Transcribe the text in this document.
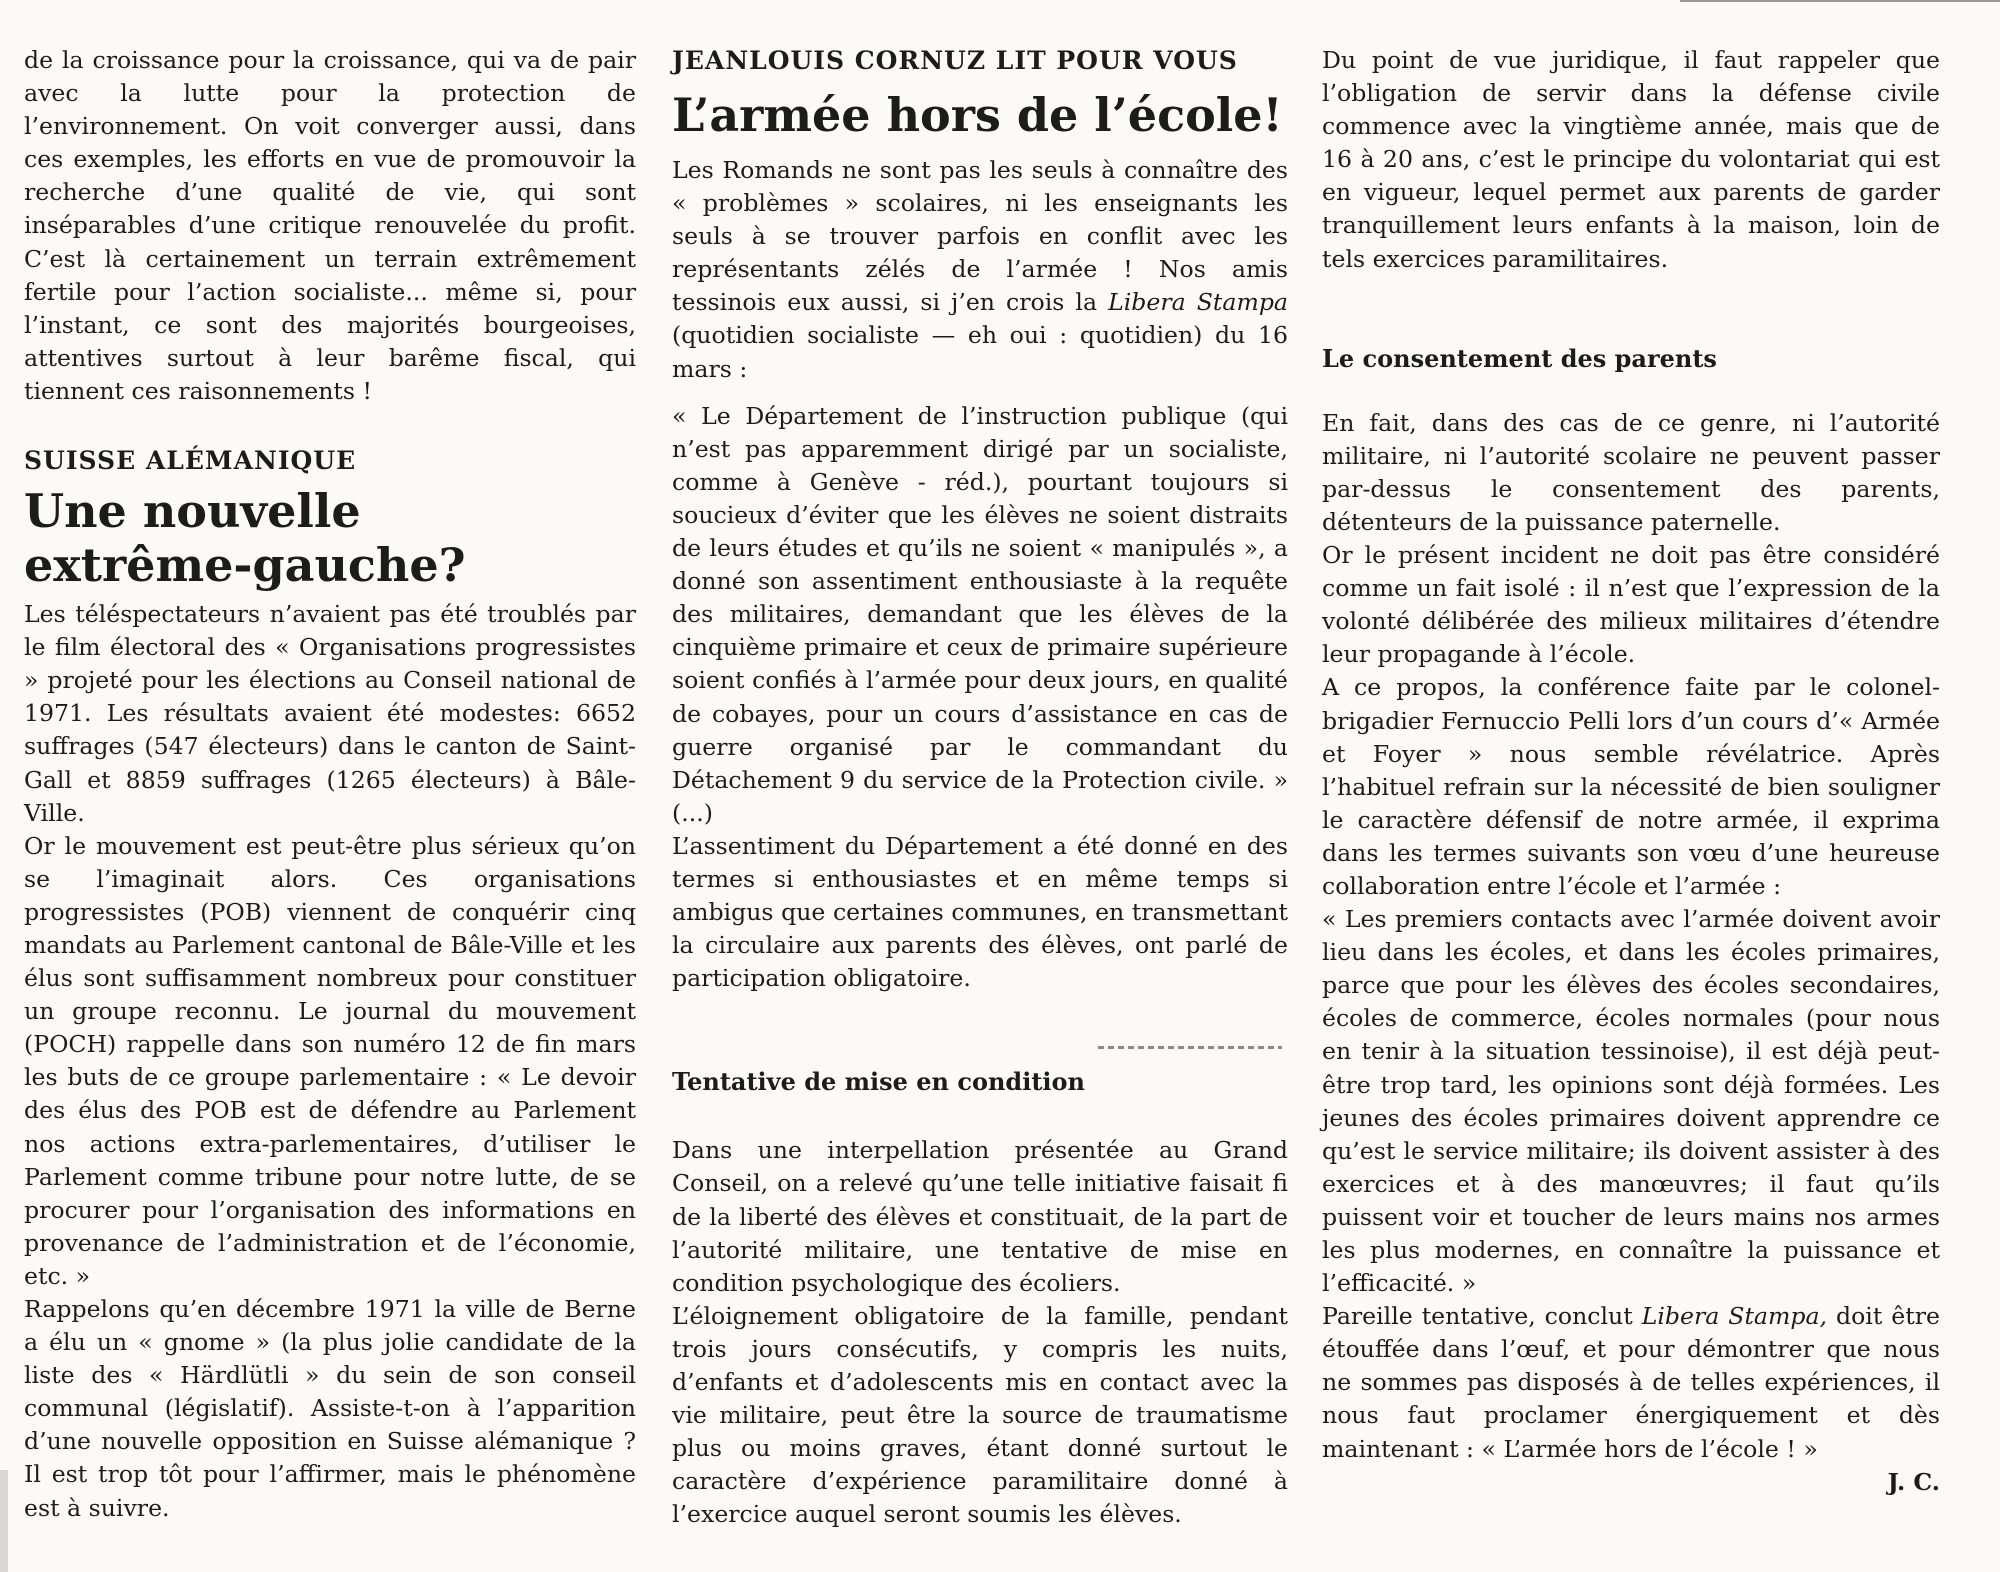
de la croissance pour la croissance, qui va de pair avec la lutte pour la protection de l’environnement. On voit converger aussi, dans ces exemples, les efforts en vue de promouvoir la recherche d’une qualité de vie, qui sont inséparables d’une critique renouvelée du profit. C’est là certainement un terrain extrêmement fertile pour l’action socialiste... même si, pour l’instant, ce sont des majorités bourgeoises, attentives surtout à leur barême fiscal, qui tiennent ces raisonnements !

SUISSE ALÉMANIQUE

Une nouvelle

extrême-gauche?

Les téléspectateurs n’avaient pas été troublés par le film électoral des « Organisations progressistes » projeté pour les élections au Conseil national de 1971. Les résultats avaient été modestes: 6652 suffrages (547 électeurs) dans le canton de Saint-Gall et 8859 suffrages (1265 électeurs) à Bâle-Ville.

Or le mouvement est peut-être plus sérieux qu’on se l’imaginait alors. Ces organisations progressistes (POB) viennent de conquérir cinq mandats au Parlement cantonal de Bâle-Ville et les élus sont suffisamment nombreux pour constituer un groupe reconnu. Le journal du mouvement (POCH) rappelle dans son numéro 12 de fin mars les buts de ce groupe parlementaire : « Le devoir des élus des POB est de défendre au Parlement nos actions extra-parlementaires, d’utiliser le Parlement comme tribune pour notre lutte, de se procurer pour l’organisation des informations en provenance de l’administration et de l’économie, etc. »

Rappelons qu’en décembre 1971 la ville de Berne a élu un « gnome » (la plus jolie candidate de la liste des « Härdlütli » du sein de son conseil communal (législatif). Assiste-t-on à l’apparition d’une nouvelle opposition en Suisse alémanique ? Il est trop tôt pour l’affirmer, mais le phénomène est à suivre.

JEANLOUIS CORNUZ LIT POUR VOUS

L’armée hors de l’école!

Les Romands ne sont pas les seuls à connaître des « problèmes » scolaires, ni les enseignants les seuls à se trouver parfois en conflit avec les représentants zélés de l’armée ! Nos amis tessinois eux aussi, si j’en crois la Libera Stampa (quotidien socialiste — eh oui : quotidien) du 16 mars :

« Le Département de l’instruction publique (qui n’est pas apparemment dirigé par un socialiste, comme à Genève - réd.), pourtant toujours si soucieux d’éviter que les élèves ne soient distraits de leurs études et qu’ils ne soient « manipulés », a donné son assentiment enthousiaste à la requête des militaires, demandant que les élèves de la cinquième primaire et ceux de primaire supérieure soient confiés à l’armée pour deux jours, en qualité de cobayes, pour un cours d’assistance en cas de guerre organisé par le commandant du Détachement 9 du service de la Protection civile. » (...)

L’assentiment du Département a été donné en des termes si enthousiastes et en même temps si ambigus que certaines communes, en transmettant la circulaire aux parents des élèves, ont parlé de participation obligatoire.

Tentative de mise en condition

Dans une interpellation présentée au Grand Conseil, on a relevé qu’une telle initiative faisait fi de la liberté des élèves et constituait, de la part de l’autorité militaire, une tentative de mise en condition psychologique des écoliers.

L’éloignement obligatoire de la famille, pendant trois jours consécutifs, y compris les nuits, d’enfants et d’adolescents mis en contact avec la vie militaire, peut être la source de traumatisme plus ou moins graves, étant donné surtout le caractère d’expérience paramilitaire donné à l’exercice auquel seront soumis les élèves.

Du point de vue juridique, il faut rappeler que l’obligation de servir dans la défense civile commence avec la vingtième année, mais que de 16 à 20 ans, c’est le principe du volontariat qui est en vigueur, lequel permet aux parents de garder tranquillement leurs enfants à la maison, loin de tels exercices paramilitaires.

Le consentement des parents

En fait, dans des cas de ce genre, ni l’autorité militaire, ni l’autorité scolaire ne peuvent passer par-dessus le consentement des parents, détenteurs de la puissance paternelle.

Or le présent incident ne doit pas être considéré comme un fait isolé : il n’est que l’expression de la volonté délibérée des milieux militaires d’étendre leur propagande à l’école.

A ce propos, la conférence faite par le colonel-brigadier Fernuccio Pelli lors d’un cours d’« Armée et Foyer » nous semble révélatrice. Après l’habituel refrain sur la nécessité de bien souligner le caractère défensif de notre armée, il exprima dans les termes suivants son vœu d’une heureuse collaboration entre l’école et l’armée :

« Les premiers contacts avec l’armée doivent avoir lieu dans les écoles, et dans les écoles primaires, parce que pour les élèves des écoles secondaires, écoles de commerce, écoles normales (pour nous en tenir à la situation tessinoise), il est déjà peut-être trop tard, les opinions sont déjà formées. Les jeunes des écoles primaires doivent apprendre ce qu’est le service militaire; ils doivent assister à des exercices et à des manœuvres; il faut qu’ils puissent voir et toucher de leurs mains nos armes les plus modernes, en connaître la puissance et l’efficacité. »

Pareille tentative, conclut Libera Stampa, doit être étouffée dans l’œuf, et pour démontrer que nous ne sommes pas disposés à de telles expériences, il nous faut proclamer énergiquement et dès maintenant : « L’armée hors de l’école ! »

J. C.
